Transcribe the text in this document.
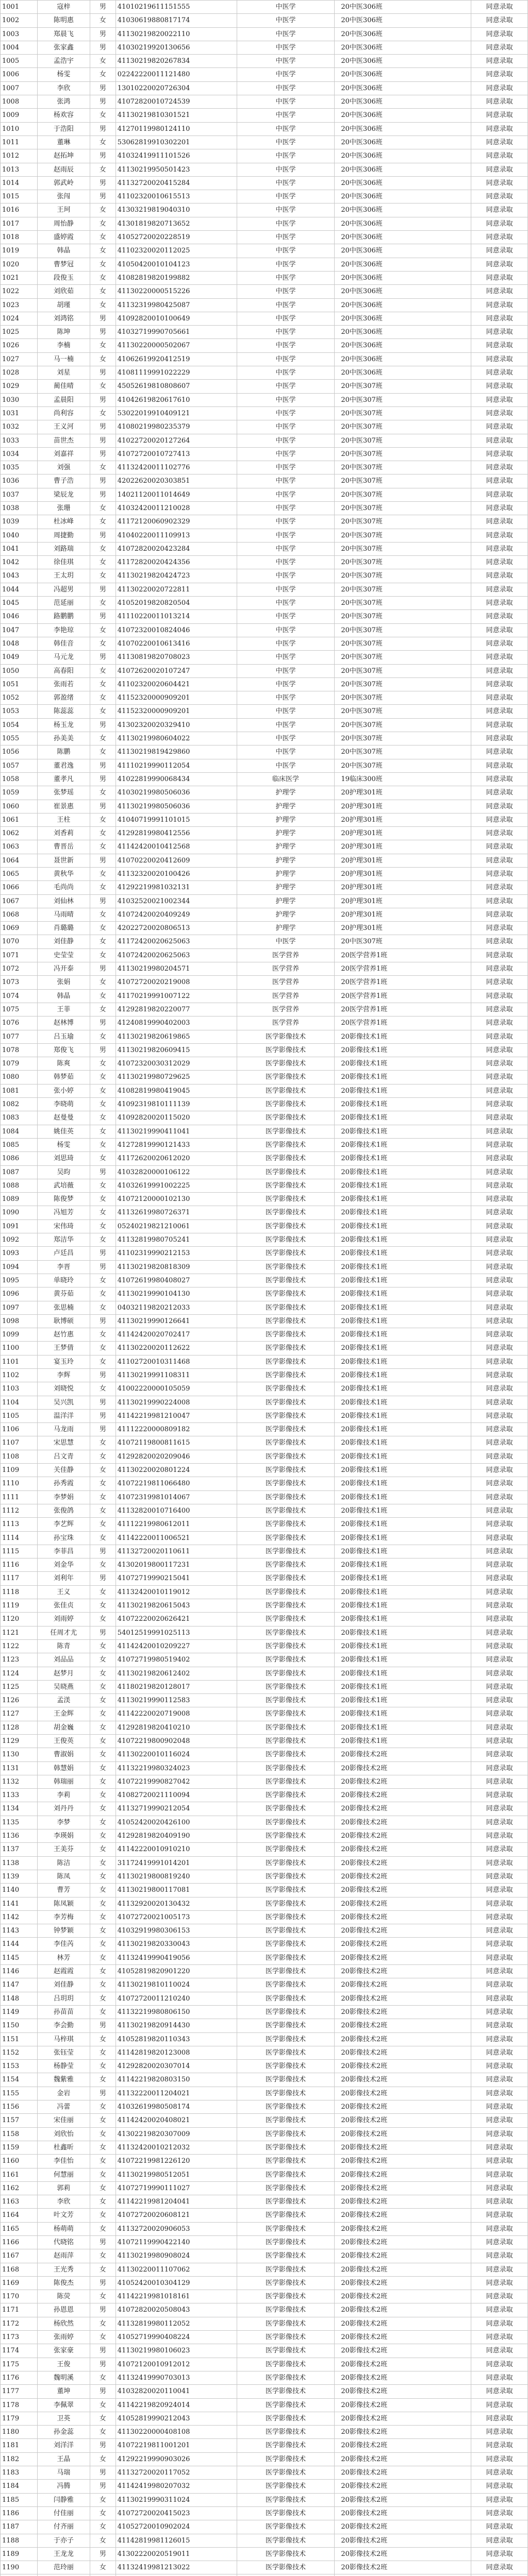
1001	寇梓	男	41010219611151555	中医学	20中医306班	同意录取
1002	陈明惠	女	41030619880817174	中医学	20中医306班	同意录取
1003	郑晨飞	男	41130219820022110	中医学	20中医306班	同意录取
1004	张家鑫	男	41030219920130656	中医学	20中医306班	同意录取
1005	孟浩宇	女	41130219820267834	中医学	20中医306班	同意录取
1006	杨雯	女	02242220011121480	中医学	20中医306班	同意录取
1007	李欣	男	13010220020726304	中医学	20中医306班	同意录取
1008	张鸿	男	41072820010724539	中医学	20中医306班	同意录取
1009	杨欢容	女	41130219810301521	中医学	20中医306班	同意录取
1010	于浩阳	男	41270119980124110	中医学	20中医306班	同意录取
1011	董琳	女	53062819910302201	中医学	20中医306班	同意录取
1012	赵拓坤	男	41032419911101526	中医学	20中医306班	同意录取
1013	赵雨辰	女	41130219950501423	中医学	20中医306班	同意录取
1014	郭武岭	男	41132720020415284	中医学	20中医306班	同意录取
1015	张闯	男	41102320010615513	中医学	20中医306班	同意录取
1016	王珂	女	41303219819040310	中医学	20中医306班	同意录取
1017	周怡静	女	41301819820713652	中医学	20中医306班	同意录取
1018	盛婷霞	女	41052720020228519	中医学	20中医306班	同意录取
1019	韩晶	女	41102320020112025	中医学	20中医306班	同意录取
1020	曹梦冠	女	41050420010104123	中医学	20中医306班	同意录取
1021	段俊玉	女	41082819820199882	中医学	20中医306班	同意录取
1022	刘欣茹	女	41130220000515226	中医学	20中医306班	同意录取
1023	胡瑾	女	41132319980425087	中医学	20中医306班	同意录取
1024	刘鸿铭	男	41092820010100649	中医学	20中医306班	同意录取
1025	陈坤	男	41032719990705661	中医学	20中医306班	同意录取
1026	李楠	女	41130220000502067	中医学	20中医306班	同意录取
1027	马一楠	女	41062619920412519	中医学	20中医306班	同意录取
1028	刘星	男	41081119991022229	中医学	20中医306班	同意录取
1029	蔺佳晴	女	45052619810808607	中医学	20中医307班	同意录取
1030	孟晨阳	男	41042619820617610	中医学	20中医307班	同意录取
1031	尚利容	女	53022019910409121	中医学	20中医307班	同意录取
1032	王义河	男	41080219980235379	中医学	20中医307班	同意录取
1033	苗世杰	男	41022720020127264	中医学	20中医307班	同意录取
1034	刘嘉祥	男	41072720010727413	中医学	20中医307班	同意录取
1035	刘强	女	41132420011102776	中医学	20中医307班	同意录取
1036	曹子浩	男	42022620020303851	中医学	20中医307班	同意录取
1037	梁辰龙	男	14021120011014649	中医学	20中医307班	同意录取
1038	张珊	女	41032420011210028	中医学	20中医307班	同意录取
1039	杜冰峰	女	41172120060902329	中医学	20中医307班	同意录取
1040	周捷勤	男	41040220011109913	中医学	20中医307班	同意录取
1041	刘路瑞	女	41072820020423284	中医学	20中医307班	同意录取
1042	徐佳琪	女	41172820020424356	中医学	20中医307班	同意录取
1043	王太玥	女	41130219820424723	中医学	20中医307班	同意录取
1044	冯超男	男	41130220020722811	中医学	20中医307班	同意录取
1045	范延丽	女	41052019820820504	中医学	20中医307班	同意录取
1046	路鹏鹏	男	41110220011013214	中医学	20中医307班	同意录取
1047	李艳琼	女	41072320010824046	中医学	20中医307班	同意录取
1048	韩佳音	女	41070220010613416	中医学	20中医307班	同意录取
1049	马元龙	男	41130819820708023	中医学	20中医307班	同意录取
1050	高春阳	女	41072620020107247	中医学	20中医307班	同意录取
1051	张雨若	女	41102320020604421	中医学	20中医307班	同意录取
1052	郭盈绪	女	41152320000909201	中医学	20中医307班	同意录取
1053	陈蕊蕊	女	41152320000909201	中医学	20中医307班	同意录取
1054	杨玉龙	男	41302320020329410	中医学	20中医307班	同意录取
1055	孙美美	女	41130219980604022	中医学	20中医307班	同意录取
1056	陈鹏	女	41130219819429860	中医学	20中医307班	同意录取
1057	董君逸	男	41110219990112054	中医学	20中医307班	同意录取
1058	董孝凡	男	41022819990068434	临床医学	19临床300班	同意录取
1059	张梦瑶	女	41030219980506036	护理学	20护理301班	同意录取
1060	崔景惠	男	41130219980506036	护理学	20护理301班	同意录取
1061	王柱	女	41040719991101015	护理学	20护理301班	同意录取
1062	刘香莉	女	41292819980412556	护理学	20护理301班	同意录取
1063	曹晋岳	女	41142420010412568	护理学	20护理301班	同意录取
1064	聂世新	男	41070220020412609	护理学	20护理301班	同意录取
1065	黄秋华	女	41132320020100426	护理学	20护理301班	同意录取
1066	毛尚尚	女	41292219981032131	护理学	20护理301班	同意录取
1067	刘仙林	男	41032520021002344	护理学	20护理301班	同意录取
1068	马雨晴	女	41072420020409249	护理学	20护理301班	同意录取
1069	肖璐璐	女	42022720020806513	护理学	20护理301班	同意录取
1070	刘佳静	女	41172420020625063	中医学	20中医307班	同意录取
1071	史莹莹	女	41072420020625063	医学营养	20医学营养1班	同意录取
1072	冯开泰	男	41130219980204571	医学营养	20医学营养1班	同意录取
1073	张娟	女	41072720020219008	医学营养	20医学营养1班	同意录取
1074	韩晶	女	41170219991007122	医学营养	20医学营养1班	同意录取
1075	王菲	女	41292819820220077	医学营养	20医学营养1班	同意录取
1076	赵林博	男	41240819990402003	医学营养	20医学营养1班	同意录取
1077	吕玉瑜	女	41130219820619865	医学影像技术	20影像技术1班	同意录取
1078	郑俊飞	男	41130219820609415	医学影像技术	20影像技术1班	同意录取
1079	陈爽	女	41072320030312029	医学影像技术	20影像技术1班	同意录取
1080	韩梦茹	女	41130219980729625	医学影像技术	20影像技术1班	同意录取
1081	张小婷	女	41082819980419045	医学影像技术	20影像技术1班	同意录取
1082	李晓萌	女	41092319810111139	医学影像技术	20影像技术1班	同意录取
1083	赵曼曼	女	41092820020115020	医学影像技术	20影像技术1班	同意录取
1084	姚佳英	女	41130219990411041	医学影像技术	20影像技术1班	同意录取
1085	杨雯	女	41272819990121433	医学影像技术	20影像技术1班	同意录取
1086	刘思琦	女	41172620020612020	医学影像技术	20影像技术1班	同意录取
1087	吴昀	男	41032820000106122	医学影像技术	20影像技术1班	同意录取
1088	武培薇	女	41032619991002225	医学影像技术	20影像技术1班	同意录取
1089	陈俊梦	女	41072120000102130	医学影像技术	20影像技术1班	同意录取
1090	冯旭芳	女	41132619980726371	医学影像技术	20影像技术1班	同意录取
1091	宋伟琦	女	05240219821210061	医学影像技术	20影像技术1班	同意录取
1092	郑洁华	女	41132819980705241	医学影像技术	20影像技术1班	同意录取
1093	卢廷昌	男	41102319990212153	医学影像技术	20影像技术1班	同意录取
1094	李晋	男	41130219820818309	医学影像技术	20影像技术1班	同意录取
1095	单晓玲	女	41072619980408027	医学影像技术	20影像技术1班	同意录取
1096	黄芬茹	女	41130219990104130	医学影像技术	20影像技术1班	同意录取
1097	张思楠	女	04032119820212033	医学影像技术	20影像技术1班	同意录取
1098	耿博硕	男	41130219990126641	医学影像技术	20影像技术1班	同意录取
1099	赵竹惠	女	41142420020702417	医学影像技术	20影像技术1班	同意录取
1100	王梦倩	女	41130220020112622	医学影像技术	20影像技术1班	同意录取
1101	宴玉玲	女	41102720010311468	医学影像技术	20影像技术1班	同意录取
1102	李辉	男	41130219991108311	医学影像技术	20影像技术1班	同意录取
1103	刘晓悦	女	41002220000105059	医学影像技术	20影像技术1班	同意录取
1104	吴兴凯	男	41130219990224008	医学影像技术	20影像技术1班	同意录取
1105	温洋洋	男	41142219981210047	医学影像技术	20影像技术1班	同意录取
1106	马龙雨	男	41112220000809182	医学影像技术	20影像技术1班	同意录取
1107	宋思慧	女	41072119800811615	医学影像技术	20影像技术1班	同意录取
1108	吕文青	女	41292820020209046	医学影像技术	20影像技术1班	同意录取
1109	关佳静	女	41130220020801224	医学影像技术	20影像技术1班	同意录取
1110	孙秀霞	女	41072219811066480	医学影像技术	20影像技术1班	同意录取
1111	李梦娟	女	41072319981014067	医学影像技术	20影像技术1班	同意录取
1112	张俊鸽	女	41132820010716400	医学影像技术	20影像技术1班	同意录取
1113	李艺辉	女	41112219980612011	医学影像技术	20影像技术1班	同意录取
1114	孙宝珠	女	41142220011006521	医学影像技术	20影像技术1班	同意录取
1115	李菲昌	男	41132720020110611	医学影像技术	20影像技术1班	同意录取
1116	刘金华	女	41302019800117231	医学影像技术	20影像技术1班	同意录取
1117	刘利年	男	41072719990215041	医学影像技术	20影像技术1班	同意录取
1118	王义	女	41132420010119012	医学影像技术	20影像技术1班	同意录取
1119	张佳贞	女	41130219820615043	医学影像技术	20影像技术1班	同意录取
1120	刘雨婷	女	41072220020626421	医学影像技术	20影像技术1班	同意录取
1121	任周才尤	男	54012519991025113	医学影像技术	20影像技术1班	同意录取
1122	陈青	女	41142420010209227	医学影像技术	20影像技术1班	同意录取
1123	刘品品	女	41072719980519402	医学影像技术	20影像技术1班	同意录取
1124	赵梦月	女	41130219820612402	医学影像技术	20影像技术1班	同意录取
1125	吴晓燕	女	41180219820128017	医学影像技术	20影像技术1班	同意录取
1126	孟渼	女	41130219990112583	医学影像技术	20影像技术1班	同意录取
1127	王金辉	女	41142220020719008	医学影像技术	20影像技术1班	同意录取
1128	胡金巍	女	41292819820410210	医学影像技术	20影像技术1班	同意录取
1129	王俊英	女	41072219800902048	医学影像技术	20影像技术1班	同意录取
1130	曹淑娟	女	41130220010116024	医学影像技术	20影像技术2班	同意录取
1131	韩慧娟	女	41132219980324023	医学影像技术	20影像技术2班	同意录取
1132	韩瑞丽	女	41072219990827042	医学影像技术	20影像技术2班	同意录取
1133	李莉	女	41082720021110094	医学影像技术	20影像技术2班	同意录取
1134	刘丹丹	女	41132719990212054	医学影像技术	20影像技术2班	同意录取
1135	李梦	女	41052420020426100	医学影像技术	20影像技术2班	同意录取
1136	李瑛娟	女	41292819820409190	医学影像技术	20影像技术2班	同意录取
1137	王美芬	女	41142220010910210	医学影像技术	20影像技术2班	同意录取
1138	陈洁	女	31172419991014201	医学影像技术	20影像技术2班	同意录取
1139	陈凤	女	41130219800819240	医学影像技术	20影像技术2班	同意录取
1140	曹芳	女	41130219800117081	医学影像技术	20影像技术2班	同意录取
1141	陈凤颖	女	41132920020130432	医学影像技术	20影像技术2班	同意录取
1142	李芳梅	女	41072720021005173	医学影像技术	20影像技术2班	同意录取
1143	钟梦颖	女	41032919980306153	医学影像技术	20影像技术2班	同意录取
1144	李佳芮	女	41130219820330043	医学影像技术	20影像技术2班	同意录取
1145	林芳	女	41132419990419056	医学影像技术	20影像技术2班	同意录取
1146	赵霞霞	女	41052819820901220	医学影像技术	20影像技术2班	同意录取
1147	刘佳静	女	41130219810110024	医学影像技术	20影像技术2班	同意录取
1148	吕玥玥	女	41072720011210240	医学影像技术	20影像技术2班	同意录取
1149	孙苗苗	女	41132219980806150	医学影像技术	20影像技术2班	同意录取
1150	李会勤	男	41130219820914430	医学影像技术	20影像技术2班	同意录取
1151	马梓琪	女	41052819820110343	医学影像技术	20影像技术2班	同意录取
1152	张钰莹	女	41142819820123008	医学影像技术	20影像技术2班	同意录取
1153	杨静莹	女	41292820020307014	医学影像技术	20影像技术2班	同意录取
1154	魏紫雅	女	41142219820803150	医学影像技术	20影像技术2班	同意录取
1155	金岩	男	41132220011204021	医学影像技术	20影像技术2班	同意录取
1156	冯蕾	女	41032619980508174	医学影像技术	20影像技术2班	同意录取
1157	宋佳丽	女	41142420020408021	医学影像技术	20影像技术2班	同意录取
1158	刘欣怡	女	41302219820307009	医学影像技术	20影像技术2班	同意录取
1159	杜鑫昕	女	41132420010212032	医学影像技术	20影像技术2班	同意录取
1160	李佳怡	女	41072219981226120	医学影像技术	20影像技术2班	同意录取
1161	何慧丽	女	41130219980512051	医学影像技术	20影像技术2班	同意录取
1162	郭莉	女	41072719990111027	医学影像技术	20影像技术2班	同意录取
1163	李欣	女	41142219981204041	医学影像技术	20影像技术2班	同意录取
1164	叶文芳	女	41072720020608121	医学影像技术	20影像技术2班	同意录取
1165	杨萌萌	女	41132720020906053	医学影像技术	20影像技术2班	同意录取
1166	代晓铭	男	41072119990422140	医学影像技术	20影像技术2班	同意录取
1167	赵雨萍	女	41130219980908024	医学影像技术	20影像技术2班	同意录取
1168	王光秀	女	41130220011107062	医学影像技术	20影像技术2班	同意录取
1169	陈俊杰	男	41052420010304129	医学影像技术	20影像技术2班	同意录取
1170	陈荧	女	41142219981018161	医学影像技术	20影像技术2班	同意录取
1171	孙恩恩	男	41072820020508043	医学影像技术	20影像技术2班	同意录取
1172	杨欣然	女	41132819980112052	医学影像技术	20影像技术2班	同意录取
1173	张雨婷	女	41052719990408224	医学影像技术	20影像技术2班	同意录取
1174	张家豪	男	41130219980106023	医学影像技术	20影像技术2班	同意录取
1175	王俊	男	41072120010912012	医学影像技术	20影像技术2班	同意录取
1176	魏明溪	女	41132419990703013	医学影像技术	20影像技术2班	同意录取
1177	董坤	男	41032820020110041	医学影像技术	20影像技术2班	同意录取
1178	李佩翠	女	41142219820924014	医学影像技术	20影像技术2班	同意录取
1179	卫英	女	41052819990212043	医学影像技术	20影像技术2班	同意录取
1180	孙金蕊	女	41130220000408108	医学影像技术	20影像技术2班	同意录取
1181	刘洋洋	男	41072219811001201	医学影像技术	20影像技术2班	同意录取
1182	王晶	女	41292219990903026	医学影像技术	20影像技术2班	同意录取
1183	马瑞	男	41132720020117052	医学影像技术	20影像技术2班	同意录取
1184	冯腾	男	41142419980207032	医学影像技术	20影像技术2班	同意录取
1185	闫静雅	女	41130219990311024	医学影像技术	20影像技术2班	同意录取
1186	付佳丽	女	41072720020415023	医学影像技术	20影像技术2班	同意录取
1187	付齐丽	女	41052720010902024	医学影像技术	20影像技术2班	同意录取
1188	于亦子	女	41142819981126015	医学影像技术	20影像技术2班	同意录取
1189	王龙龙	男	41302220020519011	医学影像技术	20影像技术2班	同意录取
1190	范玲丽	女	41132419981213022	医学影像技术	20影像技术2班	同意录取
